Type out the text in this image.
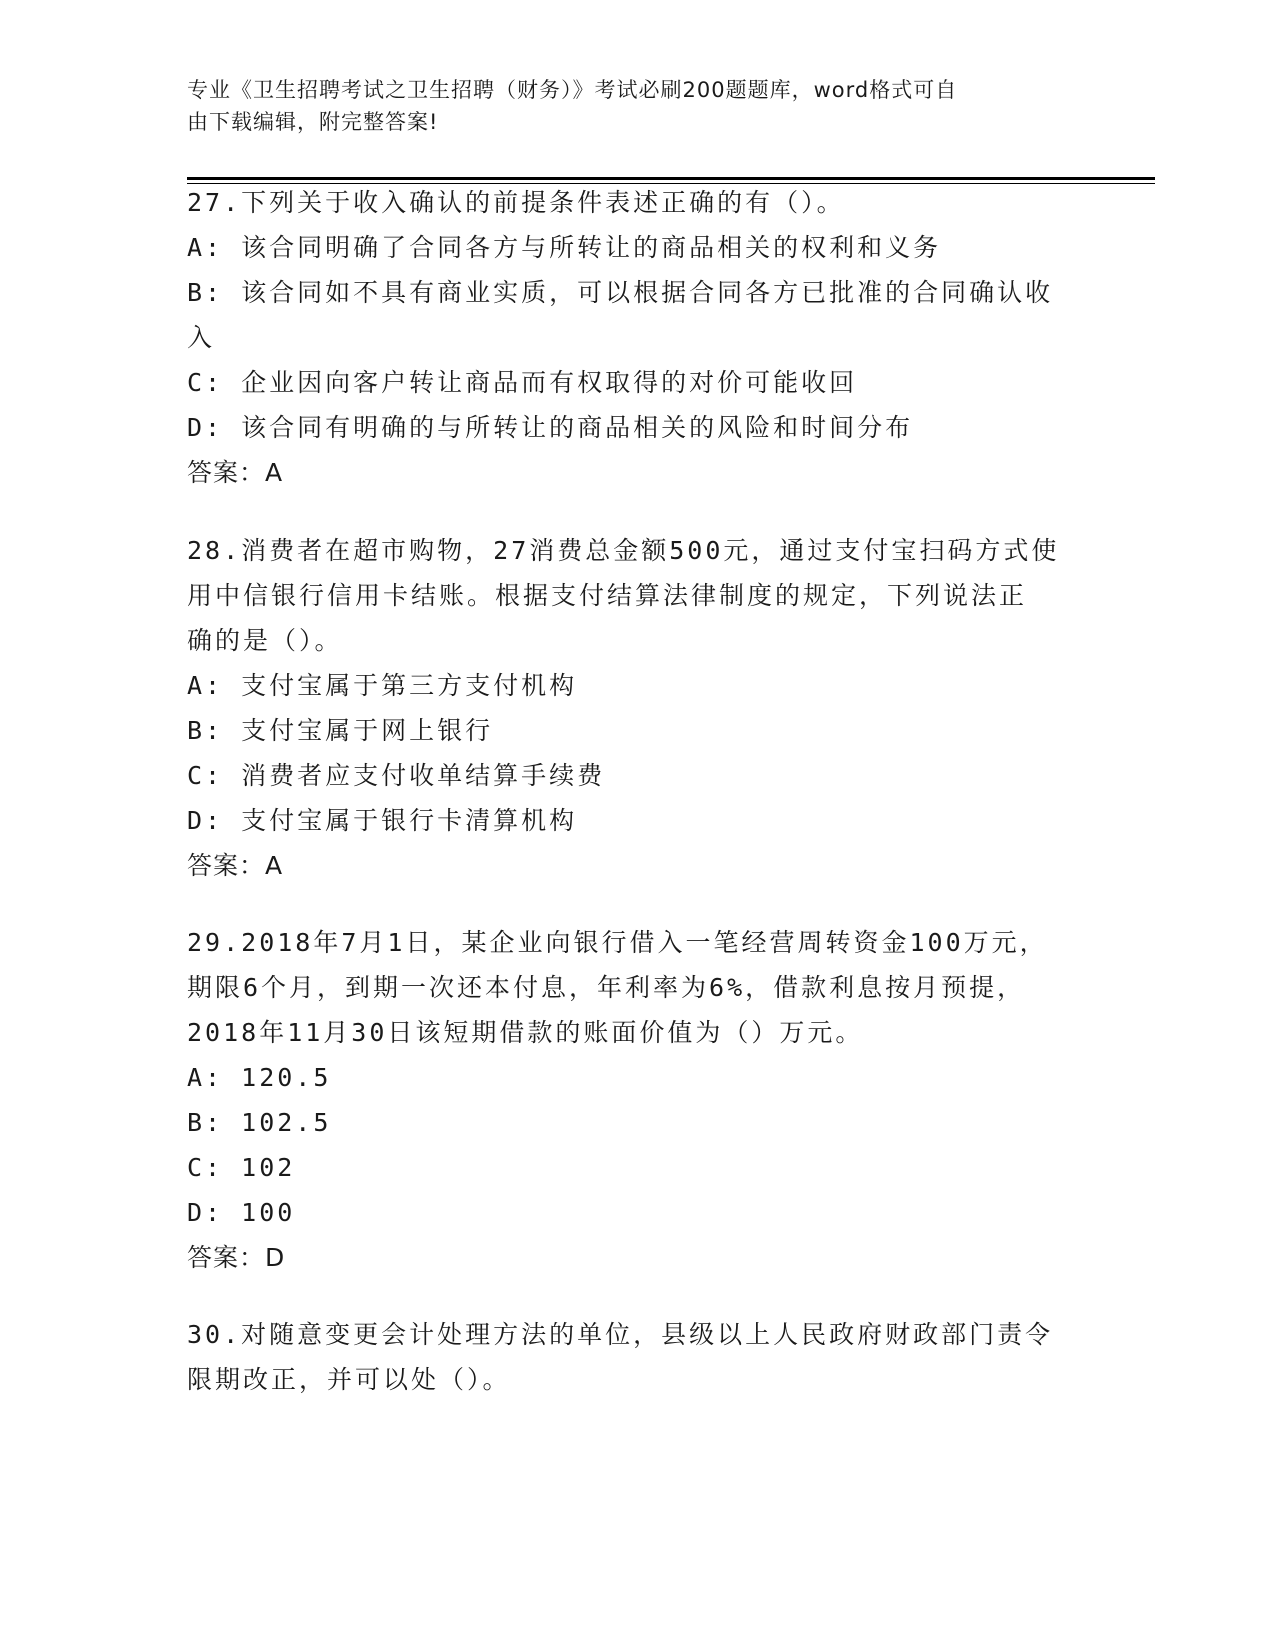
专业《卫生招聘考试之卫生招聘（财务）》考试必刷200题题库，word格式可自
由下载编辑，附完整答案!
27.下列关于收入确认的前提条件表述正确的有（）。
A: 该合同明确了合同各方与所转让的商品相关的权利和义务
B: 该合同如不具有商业实质，可以根据合同各方已批准的合同确认收
入
C: 企业因向客户转让商品而有权取得的对价可能收回
D: 该合同有明确的与所转让的商品相关的风险和时间分布
答案：A
28.消费者在超市购物，27消费总金额500元，通过支付宝扫码方式使
用中信银行信用卡结账。根据支付结算法律制度的规定，下列说法正
确的是（）。
A: 支付宝属于第三方支付机构
B: 支付宝属于网上银行
C: 消费者应支付收单结算手续费
D: 支付宝属于银行卡清算机构
答案：A
29.2018年7月1日，某企业向银行借入一笔经营周转资金100万元，
期限6个月，到期一次还本付息，年利率为6%，借款利息按月预提，
2018年11月30日该短期借款的账面价值为（）万元。
A: 120.5
B: 102.5
C: 102
D: 100
答案：D
30.对随意变更会计处理方法的单位，县级以上人民政府财政部门责令
限期改正，并可以处（）。
